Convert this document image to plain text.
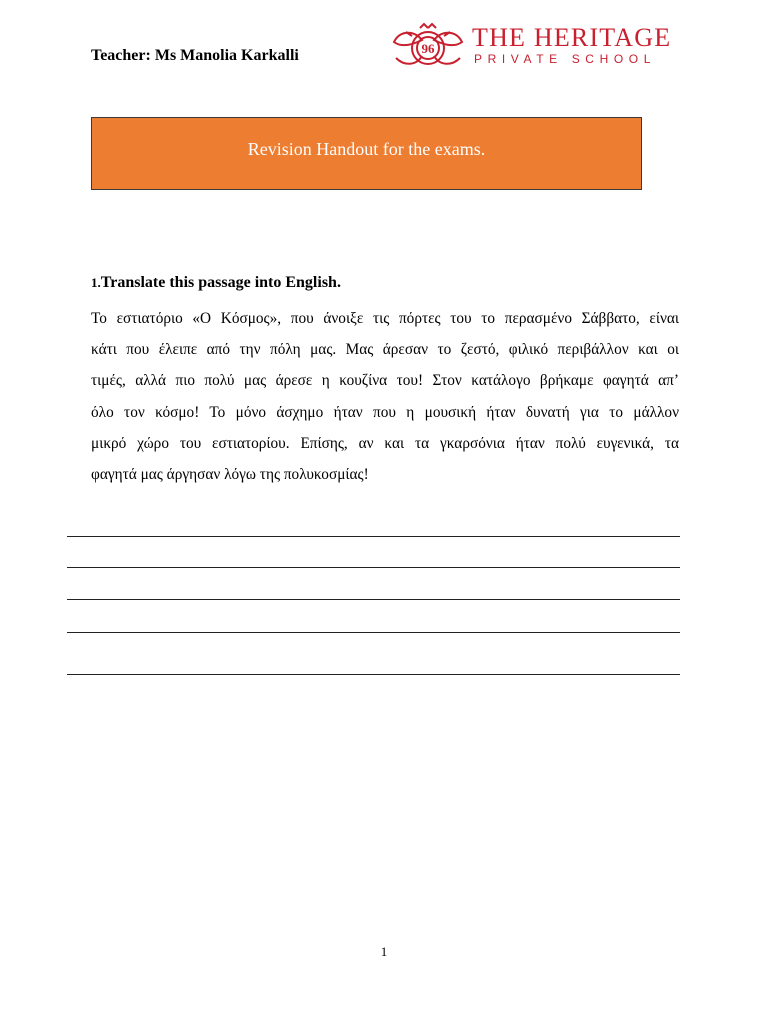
Teacher: Ms Manolia Karkalli	96 THE HERITAGE
PRIVATE SCHOOL
Revision Handout for the exams.
1.Translate this passage into English.
Το εστιατόριο «Ο Κόσμος», που άνοιξε τις πόρτες του το περασμένο Σάββατο, είναι
κάτι που έλειπε από την πόλη μας. Μας άρεσαν το ζεστό, φιλικό περιβάλλον και οι
τιμές, αλλά πιο πολύ μας άρεσε η κουζίνα του! Στον κατάλογο βρήκαμε φαγητά απ’
όλο τον κόσμο! Το μόνο άσχημο ήταν που η μουσική ήταν δυνατή για το μάλλον
μικρό χώρο του εστιατορίου. Επίσης, αν και τα γκαρσόνια ήταν πολύ ευγενικά, τα
φαγητά μας άργησαν λόγω της πολυκοσμίας!
1
